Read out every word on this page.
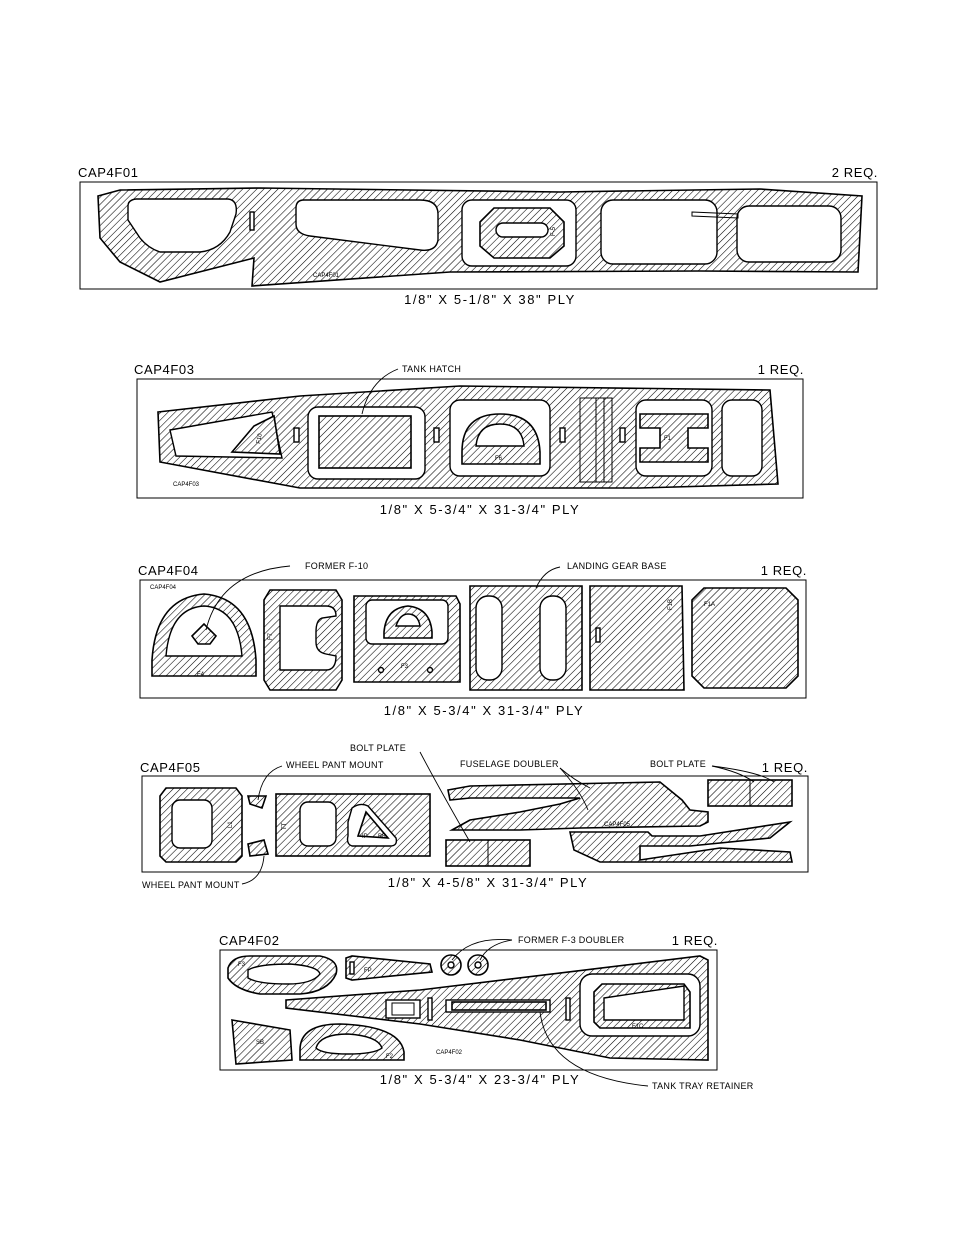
CAP4F01	2 REQ.
F-5
CAP4F01
1/8" X 5-1/8" X 38" PLY
CAP4F03	1 REQ.
F10
F6
F1
TANK HATCH
CAP4F03
1/8" X 5-3/4" X 31-3/4" PLY
CAP4F04	1 REQ.
F4
CAP4F04
F7
F3
F1B	F1A
FORMER F-10	LANDING GEAR BASE
1/8" X 5-3/4" X 31-3/4" PLY
CAP4F05	1 REQ.
L1	TT
IP BR
CAP4F05
BOLT PLATE
WHEEL PANT MOUNT	FUSELAGE DOUBLER	BOLT PLATE
WHEEL PANT MOUNT	1/8" X 4-5/8" X 31-3/4" PLY
CAP4F02	1 REQ.
F3
FP
F1C
SB
F2
CAP4F02
FORMER F-3 DOUBLER
TANK TRAY RETAINER
1/8" X 5-3/4" X 23-3/4" PLY
